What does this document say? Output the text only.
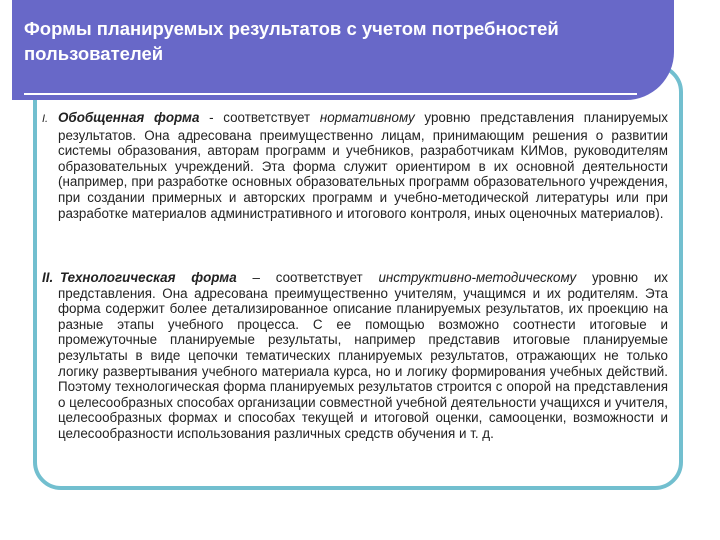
Формы планируемых результатов с учетом потребностей пользователей

I. Обобщенная форма - соответствует нормативному уровню представления планируемых результатов. Она адресована преимущественно лицам, принимающим решения о развитии системы образования, авторам программ и учебников, разработчикам КИМов, руководителям образовательных учреждений. Эта форма служит ориентиром в их основной деятельности (например, при разработке основных образовательных программ образовательного учреждения, при создании примерных и авторских программ и учебно-методической литературы или при разработке материалов административного и итогового контроля, иных оценочных материалов).

II. Технологическая форма – соответствует инструктивно-методическому уровню их представления. Она адресована преимущественно учителям, учащимся и их родителям. Эта форма содержит более детализированное описание планируемых результатов, их проекцию на разные этапы учебного процесса. С ее помощью возможно соотнести итоговые и промежуточные планируемые результаты, например представив итоговые планируемые результаты в виде цепочки тематических планируемых результатов, отражающих не только логику развертывания учебного материала курса, но и логику формирования учебных действий. Поэтому технологическая форма планируемых результатов строится с опорой на представления о целесообразных способах организации совместной учебной деятельности учащихся и учителя, целесообразных формах и способах текущей и итоговой оценки, самооценки, возможности и целесообразности использования различных средств обучения и т. д.
